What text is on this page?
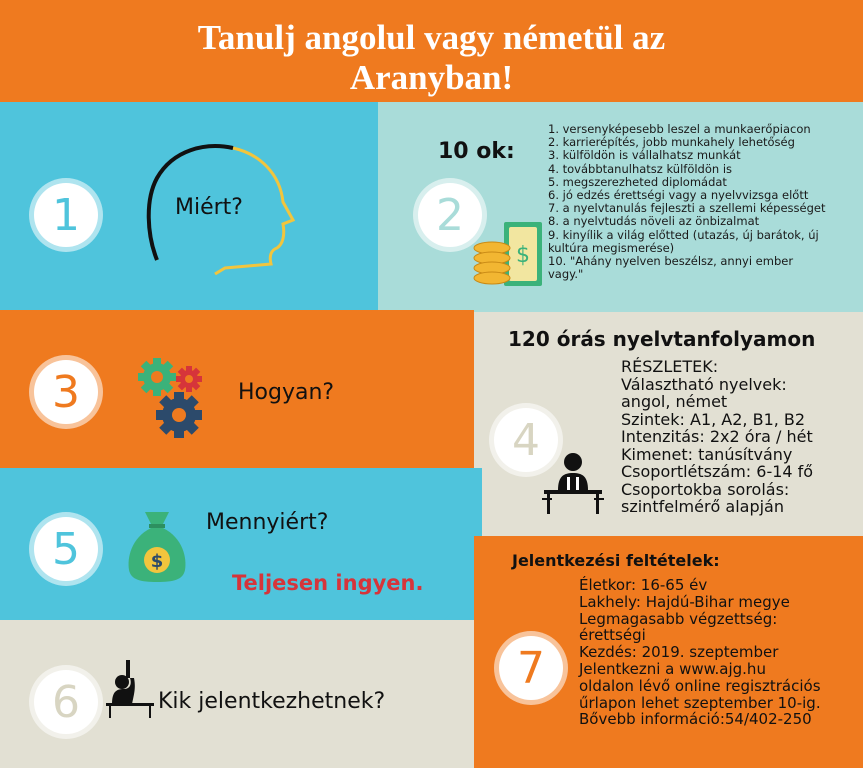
Tanulj angolul vagy németül az
Aranyban!
1	Miért?	2
10 ok:
$
1. versenyképesebb leszel a munkaerőpiacon
2. karrierépítés, jobb munkahely lehetőség
3. külföldön is vállalhatsz munkát
4. továbbtanulhatsz külföldön is
5. megszerezheted diplomádat
6. jó edzés érettségi vagy a nyelvvizsga előtt
7. a nyelvtanulás fejleszti a szellemi képességet
8. a nyelvtudás növeli az önbizalmat
9. kinyílik a világ előtted (utazás, új barátok, új
kultúra megismerése)
10. "Ahány nyelven beszélsz, annyi ember
vagy."
3	Hogyan?
120 órás nyelvtanfolyamon
4
RÉSZLETEK:
Választható nyelvek:
angol, német
Szintek: A1, A2, B1, B2
Intenzitás: 2x2 óra / hét
Kimenet: tanúsítvány
Csoportlétszám: 6-14 fő
Csoportokba sorolás:
szintfelmérő alapján
5	$
Mennyiért?
Teljesen ingyen.
6	Kik jelentkezhetnek?
Jelentkezési feltételek:
7
Életkor: 16-65 év
Lakhely: Hajdú-Bihar megye
Legmagasabb végzettség:
érettségi
Kezdés: 2019. szeptember
Jelentkezni a www.ajg.hu
oldalon lévő online regisztrációs
űrlapon lehet szeptember 10-ig.
Bővebb információ:54/402-250
